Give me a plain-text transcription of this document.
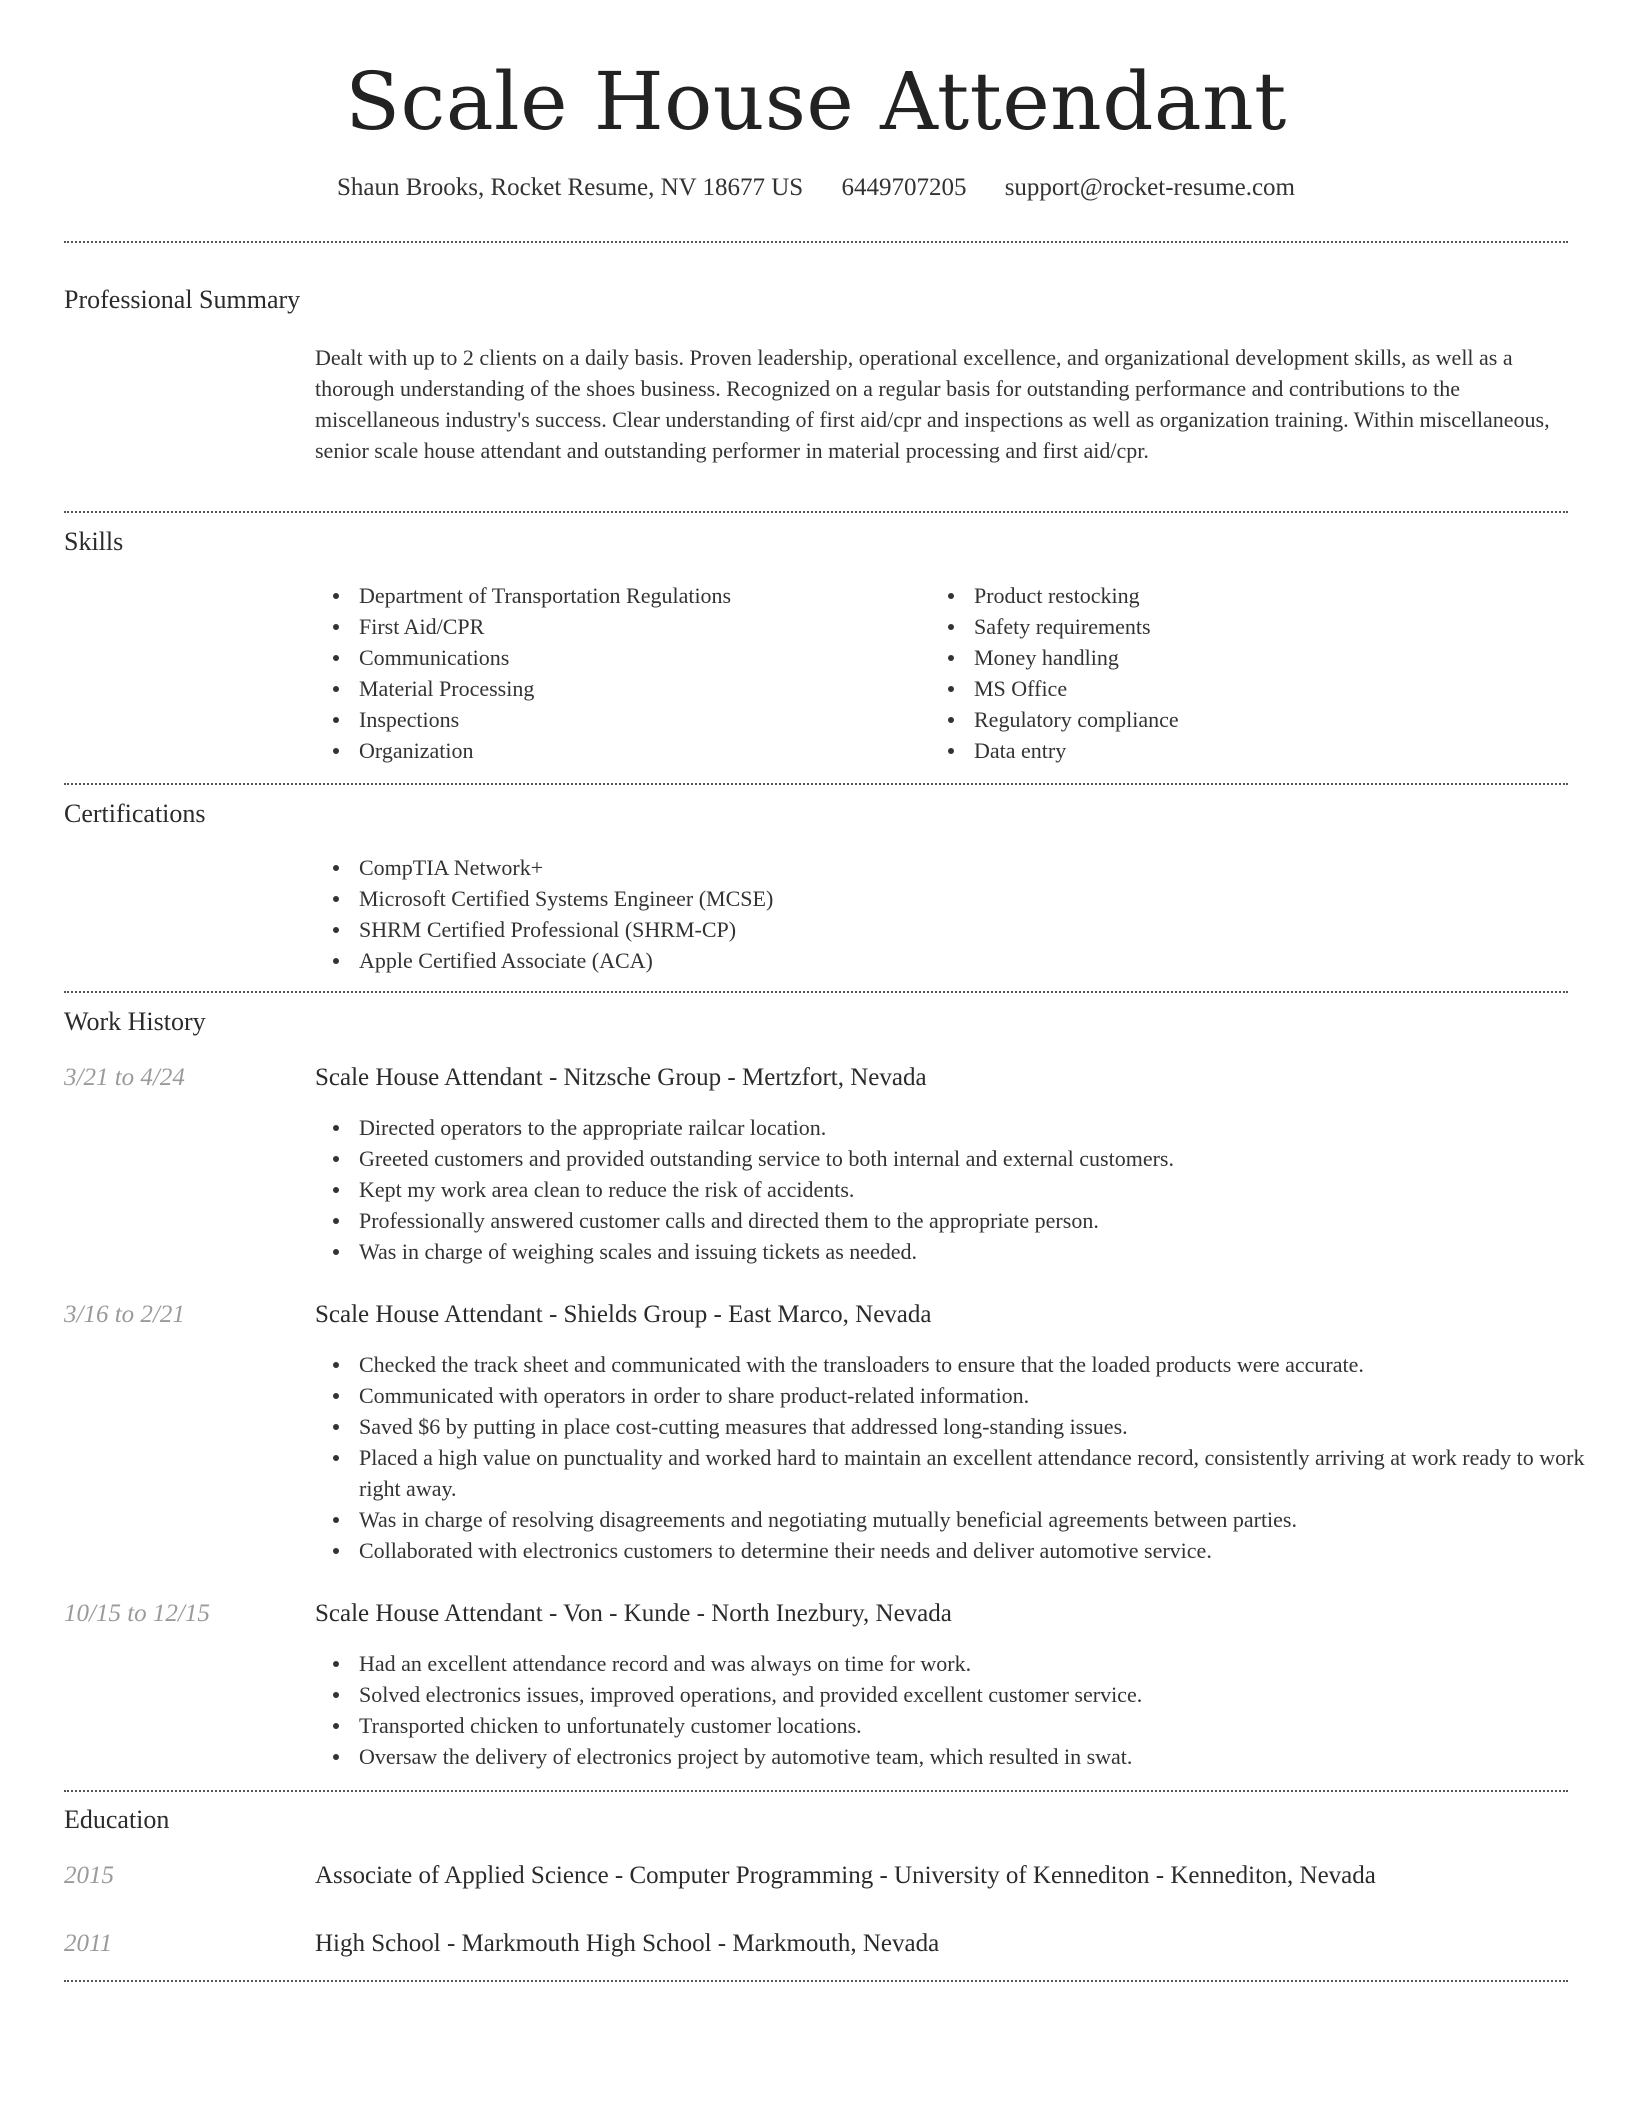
Scale House Attendant
Shaun Brooks, Rocket Resume, NV 18677 US 6449707205 support@rocket-resume.com
Professional Summary
Dealt with up to 2 clients on a daily basis. Proven leadership, operational excellence, and organizational development skills, as well as a thorough understanding of the shoes business. Recognized on a regular basis for outstanding performance and contributions to the miscellaneous industry's success. Clear understanding of first aid/cpr and inspections as well as organization training. Within miscellaneous, senior scale house attendant and outstanding performer in material processing and first aid/cpr.
Skills
Department of Transportation Regulations
First Aid/CPR
Communications
Material Processing
Inspections
Organization
Product restocking
Safety requirements
Money handling
MS Office
Regulatory compliance
Data entry
Certifications
CompTIA Network+
Microsoft Certified Systems Engineer (MCSE)
SHRM Certified Professional (SHRM-CP)
Apple Certified Associate (ACA)
Work History
3/21 to 4/24	Scale House Attendant - Nitzsche Group - Mertzfort, Nevada
Directed operators to the appropriate railcar location.
Greeted customers and provided outstanding service to both internal and external customers.
Kept my work area clean to reduce the risk of accidents.
Professionally answered customer calls and directed them to the appropriate person.
Was in charge of weighing scales and issuing tickets as needed.
3/16 to 2/21	Scale House Attendant - Shields Group - East Marco, Nevada
Checked the track sheet and communicated with the transloaders to ensure that the loaded products were accurate.
Communicated with operators in order to share product-related information.
Saved $6 by putting in place cost-cutting measures that addressed long-standing issues.
Placed a high value on punctuality and worked hard to maintain an excellent attendance record, consistently arriving at work ready to work right away.
Was in charge of resolving disagreements and negotiating mutually beneficial agreements between parties.
Collaborated with electronics customers to determine their needs and deliver automotive service.
10/15 to 12/15	Scale House Attendant - Von - Kunde - North Inezbury, Nevada
Had an excellent attendance record and was always on time for work.
Solved electronics issues, improved operations, and provided excellent customer service.
Transported chicken to unfortunately customer locations.
Oversaw the delivery of electronics project by automotive team, which resulted in swat.
Education
2015	Associate of Applied Science - Computer Programming - University of Kennediton - Kennediton, Nevada
2011	High School - Markmouth High School - Markmouth, Nevada
